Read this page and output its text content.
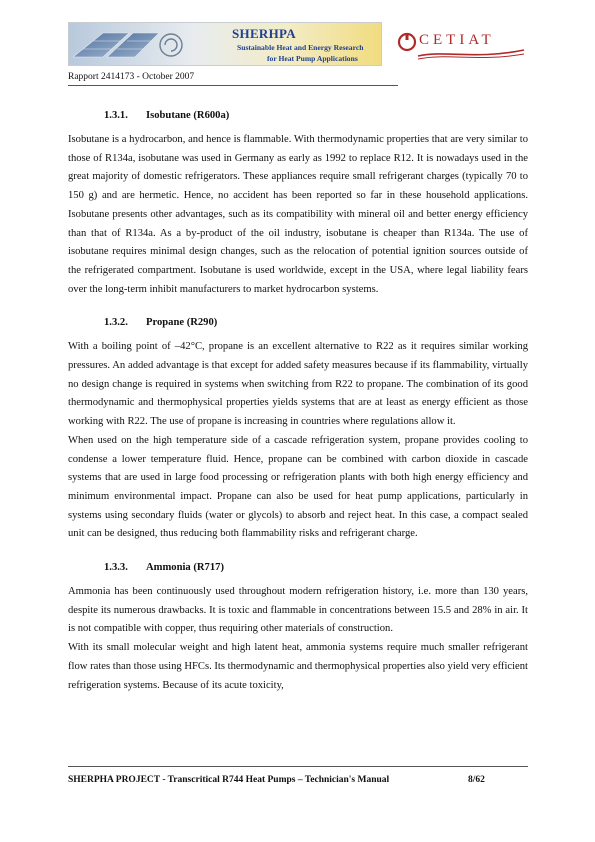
SHERHPA
Sustainable Heat and Energy Research
for Heat Pump Applications
CETIAT
Rapport 2414173 - October 2007
1.3.1. Isobutane (R600a)

Isobutane is a hydrocarbon, and hence is flammable. With thermodynamic properties that are very similar to those of R134a, isobutane was used in Germany as early as 1992 to replace R12. It is nowadays used in the great majority of domestic refrigerators. These appliances require small refrigerant charges (typically 70 to 150 g) and are hermetic. Hence, no accident has been reported so far in these household applications. Isobutane presents other advantages, such as its compatibility with mineral oil and better energy efficiency than that of R134a. As a by-product of the oil industry, isobutane is cheaper than R134a. The use of isobutane requires minimal design changes, such as the relocation of potential ignition sources outside of the refrigerated compartment. Isobutane is used worldwide, except in the USA, where legal liability fears over the long-term inhibit manufacturers to market hydrocarbon systems.

1.3.2. Propane (R290)

With a boiling point of –42°C, propane is an excellent alternative to R22 as it requires similar working pressures. An added advantage is that except for added safety measures because if its flammability, virtually no design change is required in systems when switching from R22 to propane. The combination of its good thermodynamic and thermophysical properties yields systems that are at least as energy efficient as those working with R22. The use of propane is increasing in countries where regulations allow it.

When used on the high temperature side of a cascade refrigeration system, propane provides cooling to condense a lower temperature fluid. Hence, propane can be combined with carbon dioxide in cascade systems that are used in large food processing or refrigeration plants with both high energy efficiency and minimum environmental impact. Propane can also be used for heat pump applications, particularly in systems using secondary fluids (water or glycols) to absorb and reject heat. In this case, a compact sealed unit can be designed, thus reducing both flammability risks and refrigerant charge.

1.3.3. Ammonia (R717)

Ammonia has been continuously used throughout modern refrigeration history, i.e. more than 130 years, despite its numerous drawbacks. It is toxic and flammable in concentrations between 15.5 and 28% in air. It is not compatible with copper, thus requiring other materials of construction.

With its small molecular weight and high latent heat, ammonia systems require much smaller refrigerant flow rates than those using HFCs. Its thermodynamic and thermophysical properties also yield very efficient refrigeration systems. Because of its acute toxicity,

SHERPHA PROJECT - Transcritical R744 Heat Pumps – Technician's Manual	8/62
